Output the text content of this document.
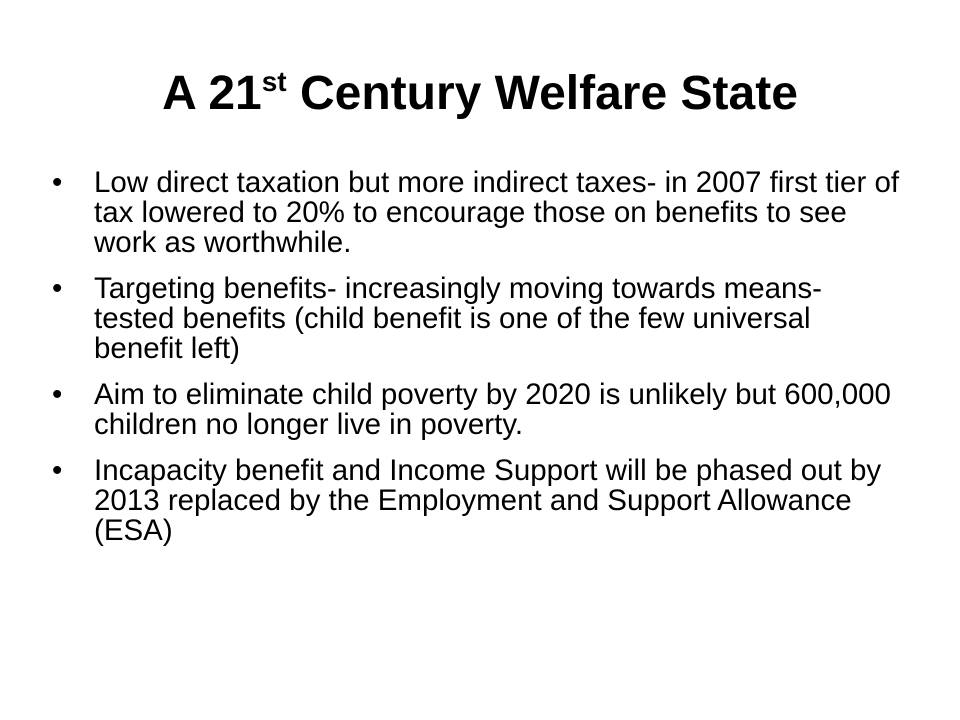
A 21st Century Welfare State
•	Low direct taxation but more indirect taxes- in 2007 first tier of tax lowered to 20% to encourage those on benefits to see work as worthwhile.
•	Targeting benefits- increasingly moving towards means-tested benefits (child benefit is one of the few universal benefit left)
•	Aim to eliminate child poverty by 2020 is unlikely but 600,000 children no longer live in poverty.
•	Incapacity benefit and Income Support will be phased out by 2013 replaced by the Employment and Support Allowance (ESA)
